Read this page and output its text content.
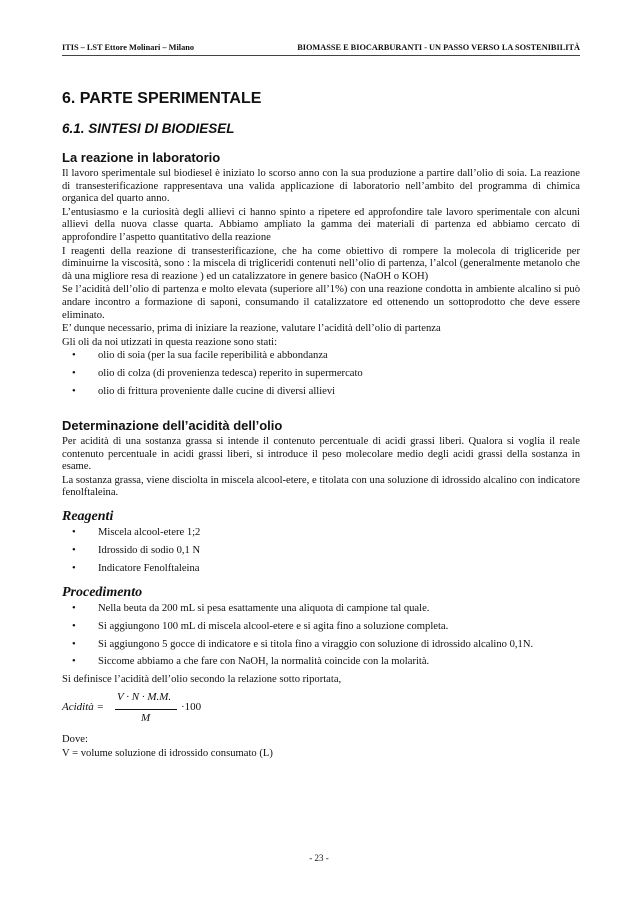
ITIS – LST Ettore Molinari – Milano	BIOMASSE E BIOCARBURANTI - UN PASSO VERSO LA SOSTENIBILITÀ
6. PARTE SPERIMENTALE
6.1. SINTESI DI BIODIESEL
La reazione in laboratorio

Il lavoro sperimentale sul biodiesel è iniziato lo scorso anno con la sua produzione a partire dall’olio di soia. La reazione di transesterificazione rappresentava una valida applicazione di laboratorio nell’ambito del programma di chimica organica del quarto anno.

L’entusiasmo e la curiosità degli allievi ci hanno spinto a ripetere ed approfondire tale lavoro sperimentale con alcuni allievi della nuova classe quarta. Abbiamo ampliato la gamma dei materiali di partenza ed abbiamo cercato di approfondire l’aspetto quantitativo della reazione

I reagenti della reazione di transesterificazione, che ha come obiettivo di rompere la molecola di trigliceride per diminuirne la viscosità, sono : la miscela di trigliceridi contenuti nell’olio di partenza, l’alcol (generalmente metanolo che dà una migliore resa di reazione ) ed un catalizzatore in genere basico (NaOH o KOH)

Se l’acidità dell’olio di partenza e molto elevata (superiore all’1%) con una reazione condotta in ambiente alcalino si può andare incontro a formazione di saponi, consumando il catalizzatore ed ottenendo un sottoprodotto che deve essere eliminato.

E’ dunque necessario, prima di iniziare la reazione, valutare l’acidità dell’olio di partenza

Gli oli da noi utizzati in questa reazione sono stati:

• olio di soia (per la sua facile reperibilità e abbondanza
• olio di colza (di provenienza tedesca) reperito in supermercato
• olio di frittura proveniente dalle cucine di diversi allievi
Determinazione dell’acidità dell’olio

Per acidità di una sostanza grassa si intende il contenuto percentuale di acidi grassi liberi. Qualora si voglia il reale contenuto percentuale in acidi grassi liberi, si introduce il peso molecolare medio degli acidi grassi della sostanza in esame.

La sostanza grassa, viene disciolta in miscela alcool-etere, e titolata con una soluzione di idrossido alcalino con indicatore fenolftaleina.

Reagenti
• Miscela alcool-etere 1;2
• Idrossido di sodio 0,1 N
• Indicatore Fenolftaleina
Procedimento
• Nella beuta da 200 mL si pesa esattamente una aliquota di campione tal quale.
• Si aggiungono 100 mL di miscela alcool-etere e si agita fino a soluzione completa.
• Si aggiungono 5 gocce di indicatore e si titola fino a viraggio con soluzione di idrossido alcalino 0,1N.
• Siccome abbiamo a che fare con NaOH, la normalità coincide con la molarità.

Si definisce l’acidità dell’olio secondo la relazione sotto riportata,

Acidità =
V · N · M.M.
M
·100

Dove:

V = volume soluzione di idrossido consumato (L)

- 23 -
